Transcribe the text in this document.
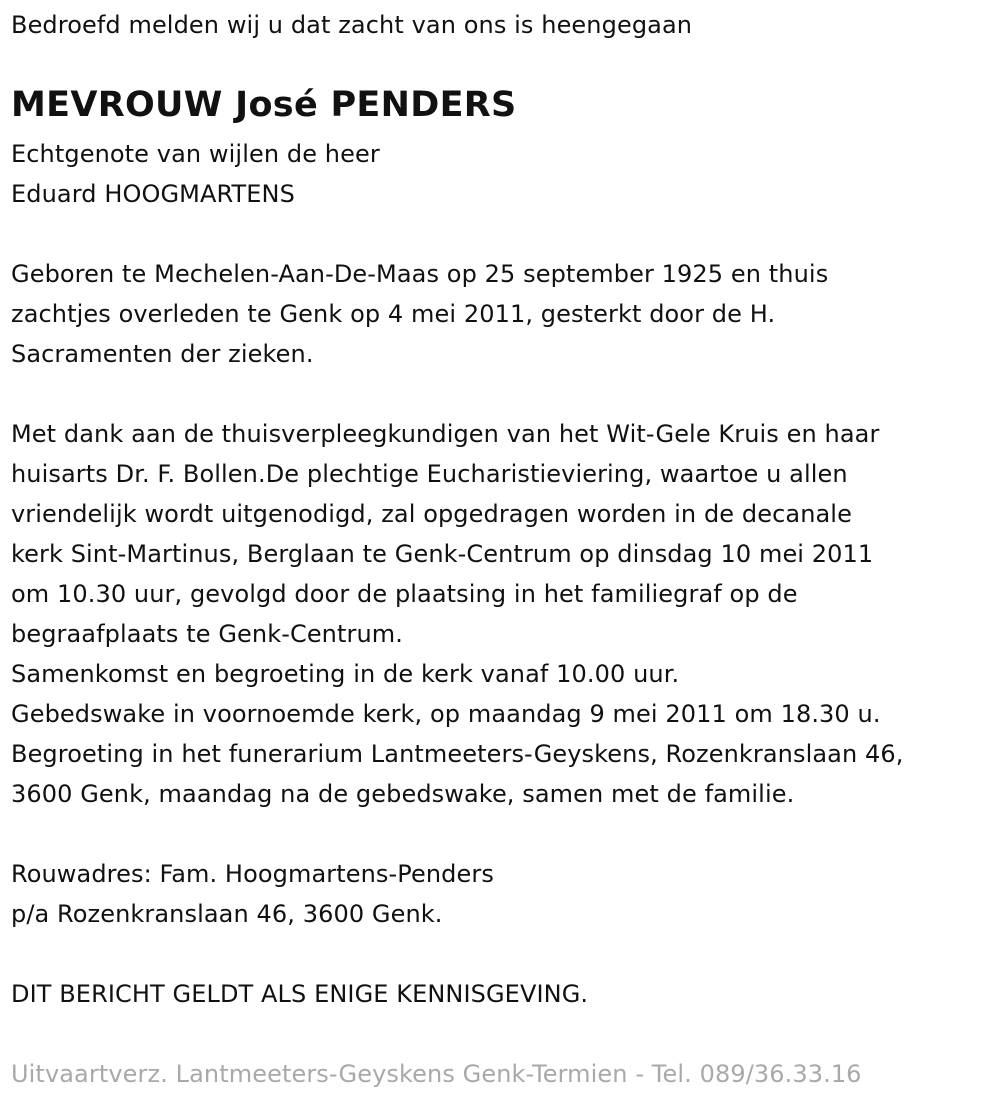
Bedroefd melden wij u dat zacht van ons is heengegaan
MEVROUW José PENDERS
Echtgenote van wijlen de heer
Eduard HOOGMARTENS
Geboren te Mechelen-Aan-De-Maas op 25 september 1925 en thuis
zachtjes overleden te Genk op 4 mei 2011, gesterkt door de H.
Sacramenten der zieken.
Met dank aan de thuisverpleegkundigen van het Wit-Gele Kruis en haar
huisarts Dr. F. Bollen.De plechtige Eucharistieviering, waartoe u allen
vriendelijk wordt uitgenodigd, zal opgedragen worden in de decanale
kerk Sint-Martinus, Berglaan te Genk-Centrum op dinsdag 10 mei 2011
om 10.30 uur, gevolgd door de plaatsing in het familiegraf op de
begraafplaats te Genk-Centrum.
Samenkomst en begroeting in de kerk vanaf 10.00 uur.
Gebedswake in voornoemde kerk, op maandag 9 mei 2011 om 18.30 u.
Begroeting in het funerarium Lantmeeters-Geyskens, Rozenkranslaan 46,
3600 Genk, maandag na de gebedswake, samen met de familie.
Rouwadres: Fam. Hoogmartens-Penders
p/a Rozenkranslaan 46, 3600 Genk.
DIT BERICHT GELDT ALS ENIGE KENNISGEVING.
Uitvaartverz. Lantmeeters-Geyskens Genk-Termien - Tel. 089/36.33.16
